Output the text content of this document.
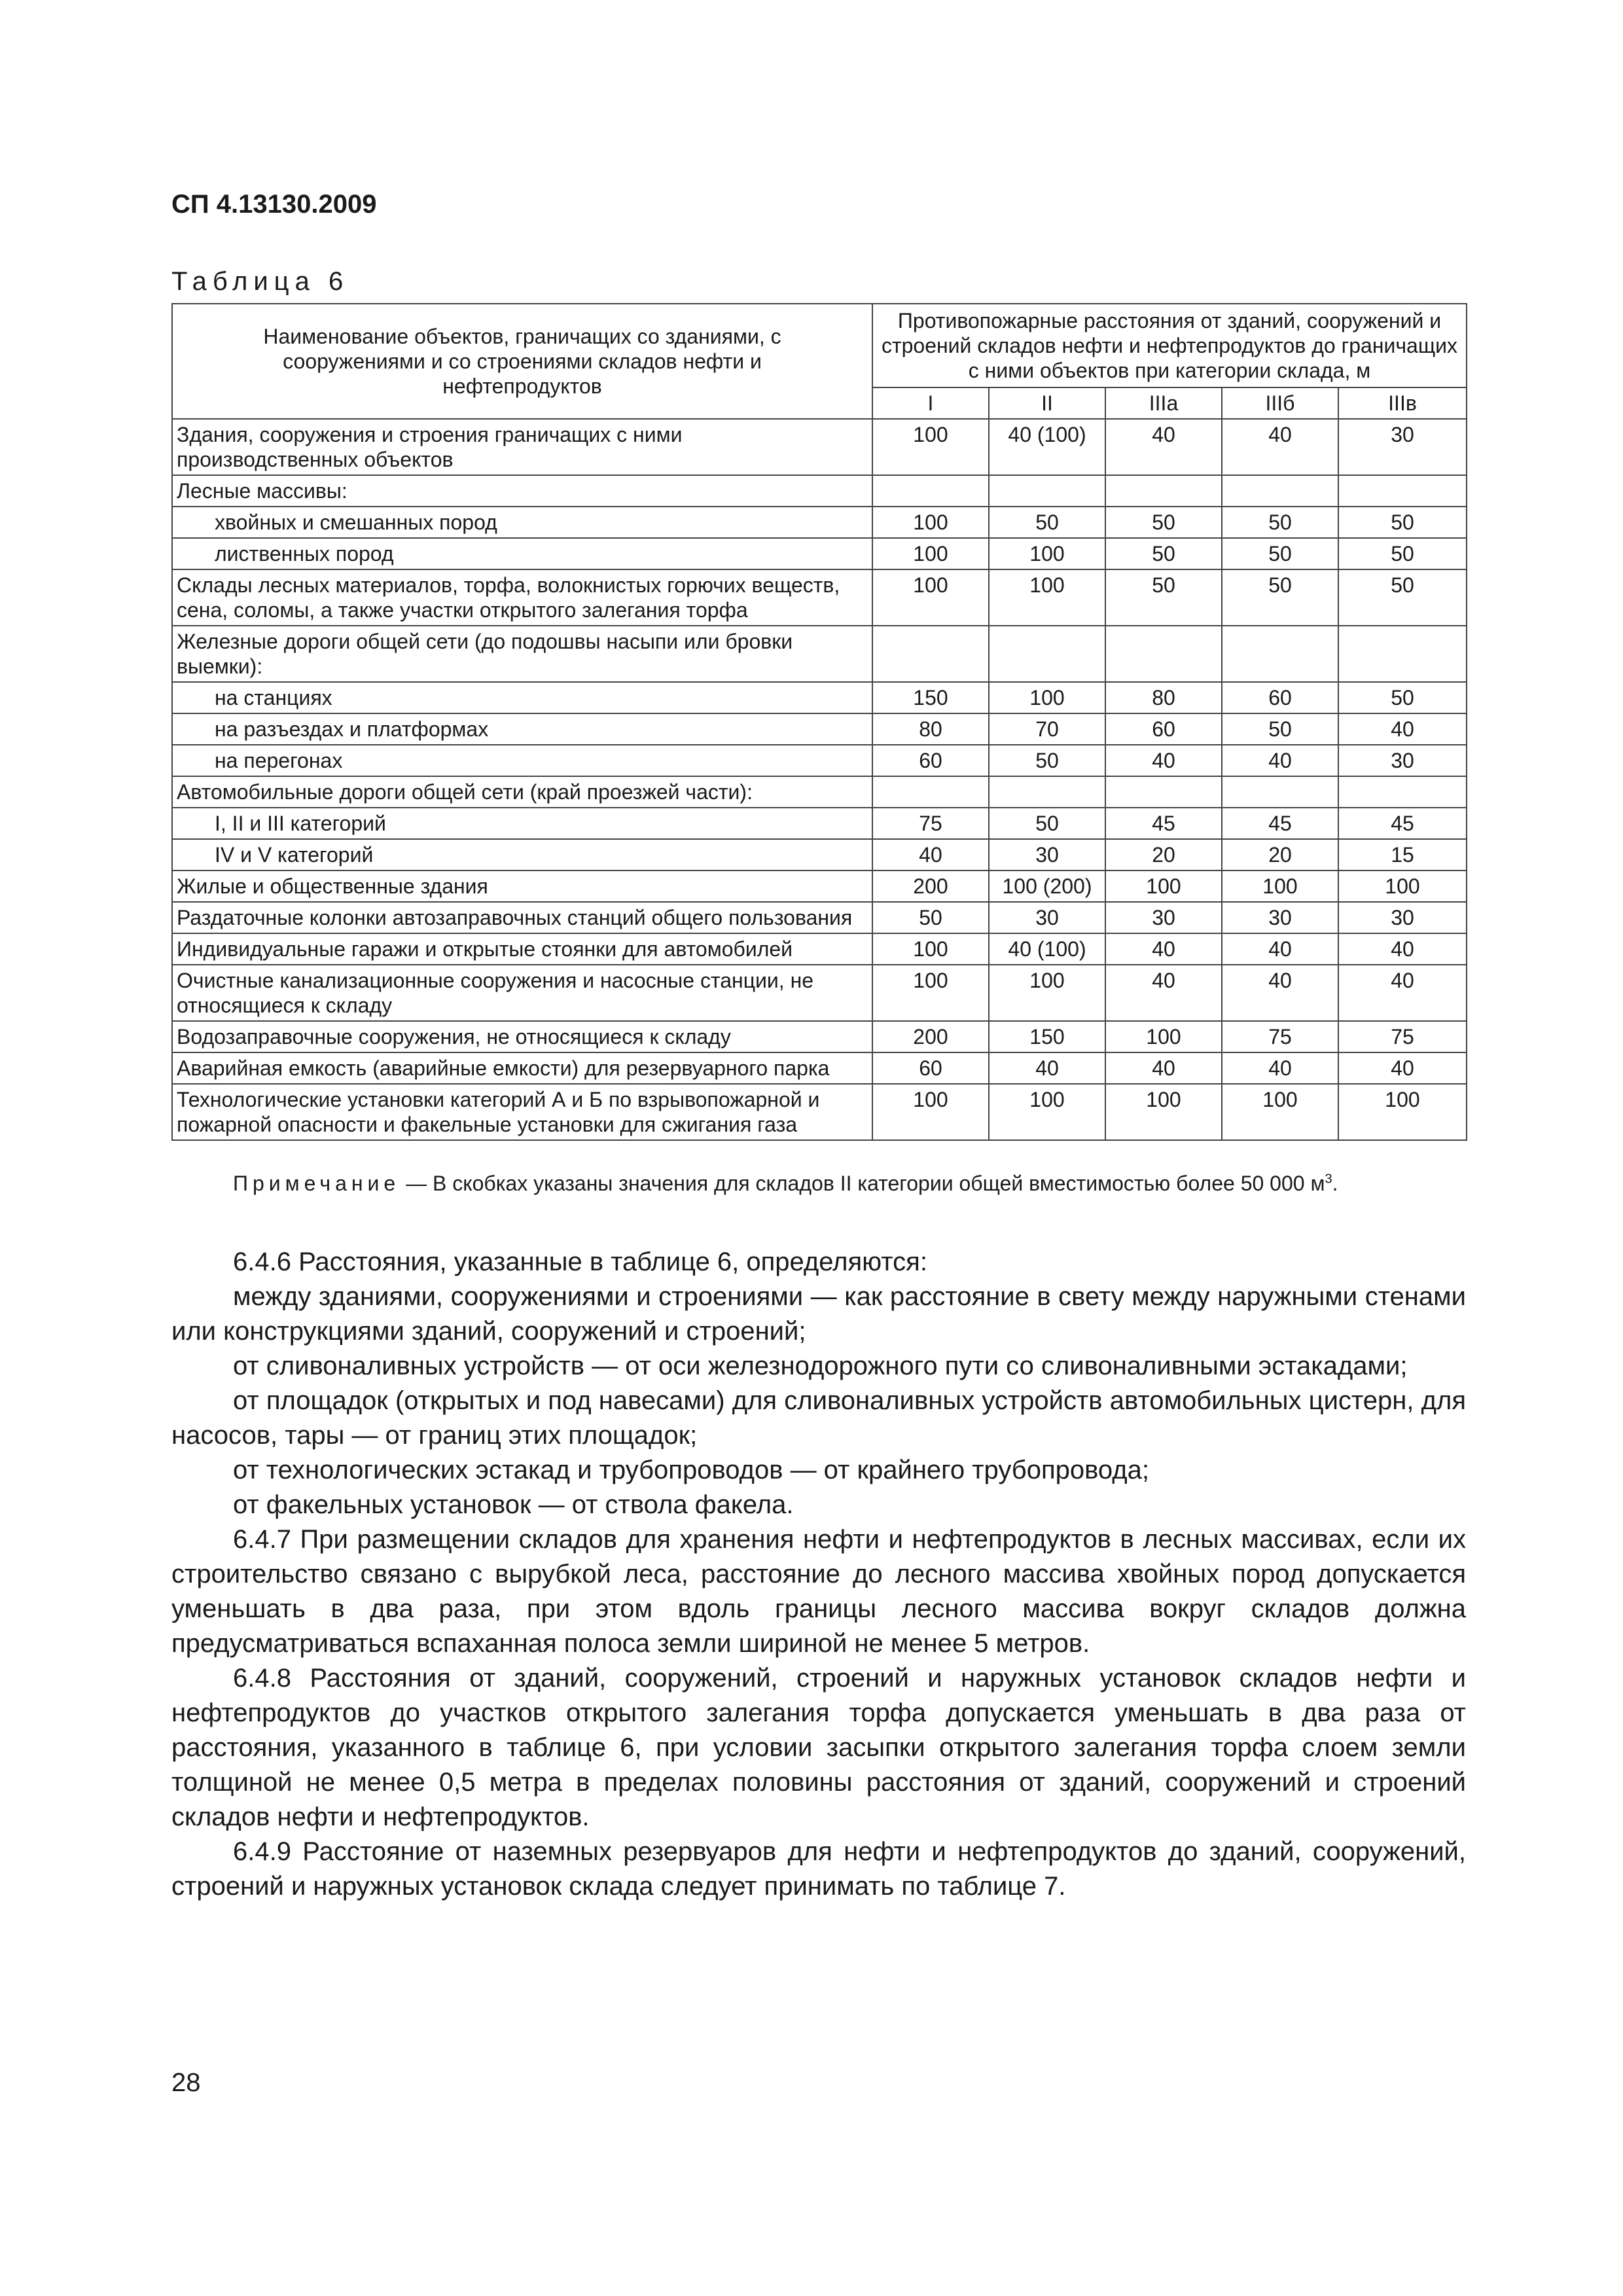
СП 4.13130.2009
Таблица 6
Наименование объектов, граничащих со зданиями, с сооружениями и со строениями складов нефти и нефтепродуктов	Противопожарные расстояния от зданий, сооружений и строений складов нефти и нефтепродуктов до граничащих с ними объектов при категории склада, м				
	I	II	IIIа	IIIб	IIIв
Здания, сооружения и строения граничащих с ними производственных объектов	100	40 (100)	40	40	30
Лесные массивы:					
хвойных и смешанных пород	100	50	50	50	50
лиственных пород	100	100	50	50	50
Склады лесных материалов, торфа, волокнистых горючих веществ, сена, соломы, а также участки открытого залегания торфа	100	100	50	50	50
Железные дороги общей сети (до подошвы насыпи или бровки выемки):					
на станциях	150	100	80	60	50
на разъездах и платформах	80	70	60	50	40
на перегонах	60	50	40	40	30
Автомобильные дороги общей сети (край проезжей части):					
I, II и III категорий	75	50	45	45	45
IV и V категорий	40	30	20	20	15
Жилые и общественные здания	200	100 (200)	100	100	100
Раздаточные колонки автозаправочных станций общего пользования	50	30	30	30	30
Индивидуальные гаражи и открытые стоянки для автомобилей	100	40 (100)	40	40	40
Очистные канализационные сооружения и насосные станции, не относящиеся к складу	100	100	40	40	40
Водозаправочные сооружения, не относящиеся к складу	200	150	100	75	75
Аварийная емкость (аварийные емкости) для резервуарного парка	60	40	40	40	40
Технологические установки категорий А и Б по взрывопожарной и пожарной опасности и факельные установки для сжигания газа	100	100	100	100	100
Примечание — В скобках указаны значения для складов II категории общей вместимостью более 50 000 $м^3$.

6.4.6 Расстояния, указанные в таблице 6, определяются:

между зданиями, сооружениями и строениями — как расстояние в свету между наружными стенами или конструкциями зданий, сооружений и строений;

от сливоналивных устройств — от оси железнодорожного пути со сливоналивными эстакадами;

от площадок (открытых и под навесами) для сливоналивных устройств автомобильных цистерн, для насосов, тары — от границ этих площадок;

от технологических эстакад и трубопроводов — от крайнего трубопровода;

от факельных установок — от ствола факела.

6.4.7 При размещении складов для хранения нефти и нефтепродуктов в лесных массивах, если их строительство связано с вырубкой леса, расстояние до лесного массива хвойных пород допускается уменьшать в два раза, при этом вдоль границы лесного массива вокруг складов должна предусматриваться вспаханная полоса земли шириной не менее 5 метров.

6.4.8 Расстояния от зданий, сооружений, строений и наружных установок складов нефти и нефтепродуктов до участков открытого залегания торфа допускается уменьшать в два раза от расстояния, указанного в таблице 6, при условии засыпки открытого залегания торфа слоем земли толщиной не менее 0,5 метра в пределах половины расстояния от зданий, сооружений и строений складов нефти и нефтепродуктов.

6.4.9 Расстояние от наземных резервуаров для нефти и нефтепродуктов до зданий, сооружений, строений и наружных установок склада следует принимать по таблице 7.

28
